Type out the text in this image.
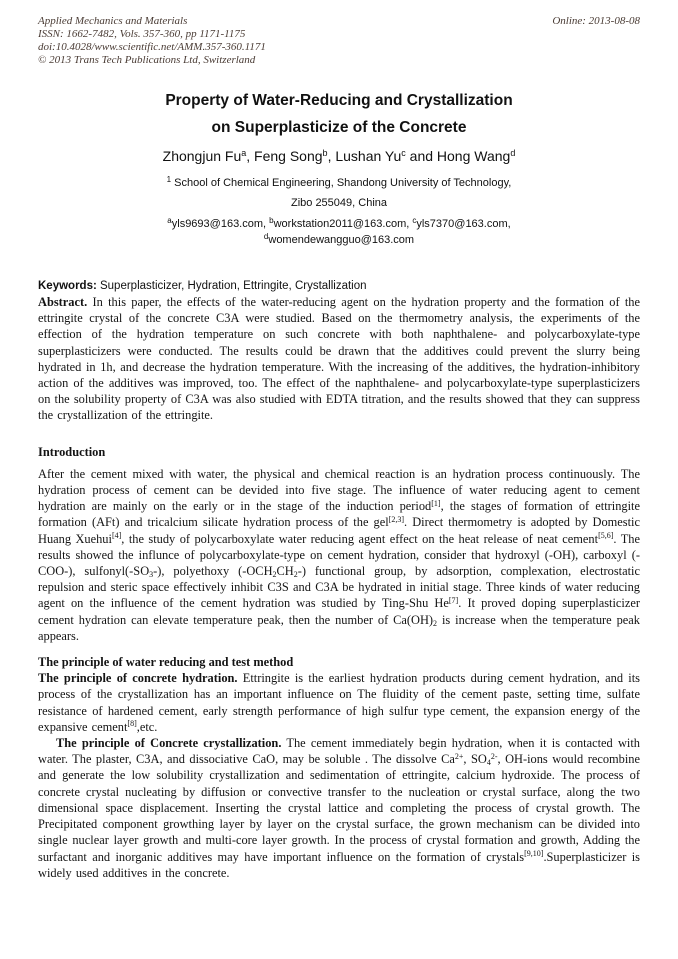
Applied Mechanics and Materials
ISSN: 1662-7482, Vols. 357-360, pp 1171-1175
doi:10.4028/www.scientific.net/AMM.357-360.1171
© 2013 Trans Tech Publications Ltd, Switzerland
Online: 2013-08-08
Property of Water-Reducing and Crystallization
on Superplasticize of the Concrete
Zhongjun Fu$^a$, Feng Song$^b$, Lushan Yu$^c$ and Hong Wang$^d$
$^1$ School of Chemical Engineering, Shandong University of Technology,
Zibo 255049, China
$^a$yls9693@163.com, $^b$workstation2011@163.com, $^c$yls7370@163.com,
$^d$womendewangguo@163.com
Keywords: Superplasticizer, Hydration, Ettringite, Crystallization

Abstract. In this paper, the effects of the water-reducing agent on the hydration property and the formation of the ettringite crystal of the concrete C3A were studied. Based on the thermometry analysis, the experiments of the effection of the hydration temperature on such concrete with both naphthalene- and polycarboxylate-type superplasticizers were conducted. The results could be drawn that the additives could prevent the slurry being hydrated in 1h, and decrease the hydration temperature. With the increasing of the additives, the hydration-inhibitory action of the additives was improved, too. The effect of the naphthalene- and polycarboxylate-type superplasticizers on the solubility property of C3A was also studied with EDTA titration, and the results showed that they can suppress the crystallization of the ettringite.

Introduction

After the cement mixed with water, the physical and chemical reaction is an hydration process continuously. The hydration process of cement can be devided into five stage. The influence of water reducing agent to cement hydration are mainly on the early or in the stage of the induction period[1], the stages of formation of ettringite formation (AFt) and tricalcium silicate hydration process of the gel[2,3]. Direct thermometry is adopted by Domestic Huang Xuehui[4], the study of polycarboxylate water reducing agent effect on the heat release of neat cement[5,6]. The results showed the influnce of polycarboxylate-type on cement hydration, consider that hydroxyl (-OH), carboxyl (-COO-), $sulfonyl(-SO_3-)$, polyethoxy $(-OCH_2CH_2-)$ functional group, by adsorption, complexation, electrostatic repulsion and steric space effectively inhibit C3S and C3A be hydrated in initial stage. Three kinds of water reducing agent on the influence of the cement hydration was studied by Ting-Shu He[7]. It proved doping superplasticizer cement hydration can elevate temperature peak, then the number of $Ca(OH)_2$ is increase when the temperature peak appears.

The principle of water reducing and test method

The principle of concrete hydration. Ettringite is the earliest hydration products during cement hydration, and its process of the crystallization has an important influence on The fluidity of the cement paste, setting time, sulfate resistance of hardened cement, early strength performance of high sulfur type cement, the expansion energy of the expansive cement[8],etc.

The principle of Concrete crystallization. The cement immediately begin hydration, when it is contacted with water. The plaster, C3A, and dissociative CaO, may be soluble . The dissolve $Ca^{2+}$, $SO_4^{2-}$, OH-ions would recombine and generate the low solubility crystallization and sedimentation of ettringite, calcium hydroxide. The process of concrete crystal nucleating by diffusion or convective transfer to the nucleation or crystal surface, along the two dimensional space displacement. Inserting the crystal lattice and completing the process of crystal growth. The Precipitated component growthing layer by layer on the crystal surface, the grown mechanism can be divided into single nuclear layer growth and multi-core layer growth. In the process of crystal formation and growth, Adding the surfactant and inorganic additives may have important influence on the formation of crystals[9,10].Superplasticizer is widely used additives in the concrete.
